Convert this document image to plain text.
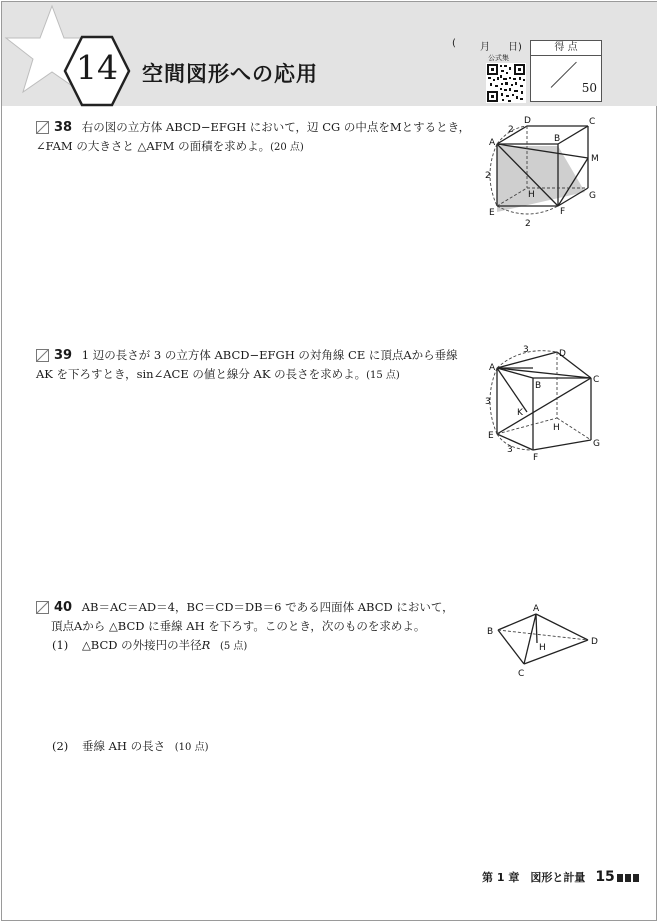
14	空間図形への応用
( 月 日)
公式集
得 点
50
38 右の図の立方体 ABCD−EFGH において，辺 CG の中点をMとするとき，
∠FAM の大きさと △AFM の面積を求めよ。(20 点)	A
D	C
B
M
E	F
G
H
2
2
2
39 1 辺の長さが 3 の立方体 ABCD−EFGH の対角線 CE に頂点Aから垂線
AK を下ろすとき，sin∠ACE の値と線分 AK の長さを求めよ。(15 点)
A
B
C
D
E
F
G
H
K
3
3
3
40 AB＝AC＝AD＝4，BC＝CD＝DB＝6 である四面体 ABCD において，
頂点Aから △BCD に垂線 AH を下ろす。このとき，次のものを求めよ。
(1) △BCD の外接円の半径R (5 点)
(2) 垂線 AH の長さ (10 点)
A
B
C
D
H
第 1 章　図形と計量 15
